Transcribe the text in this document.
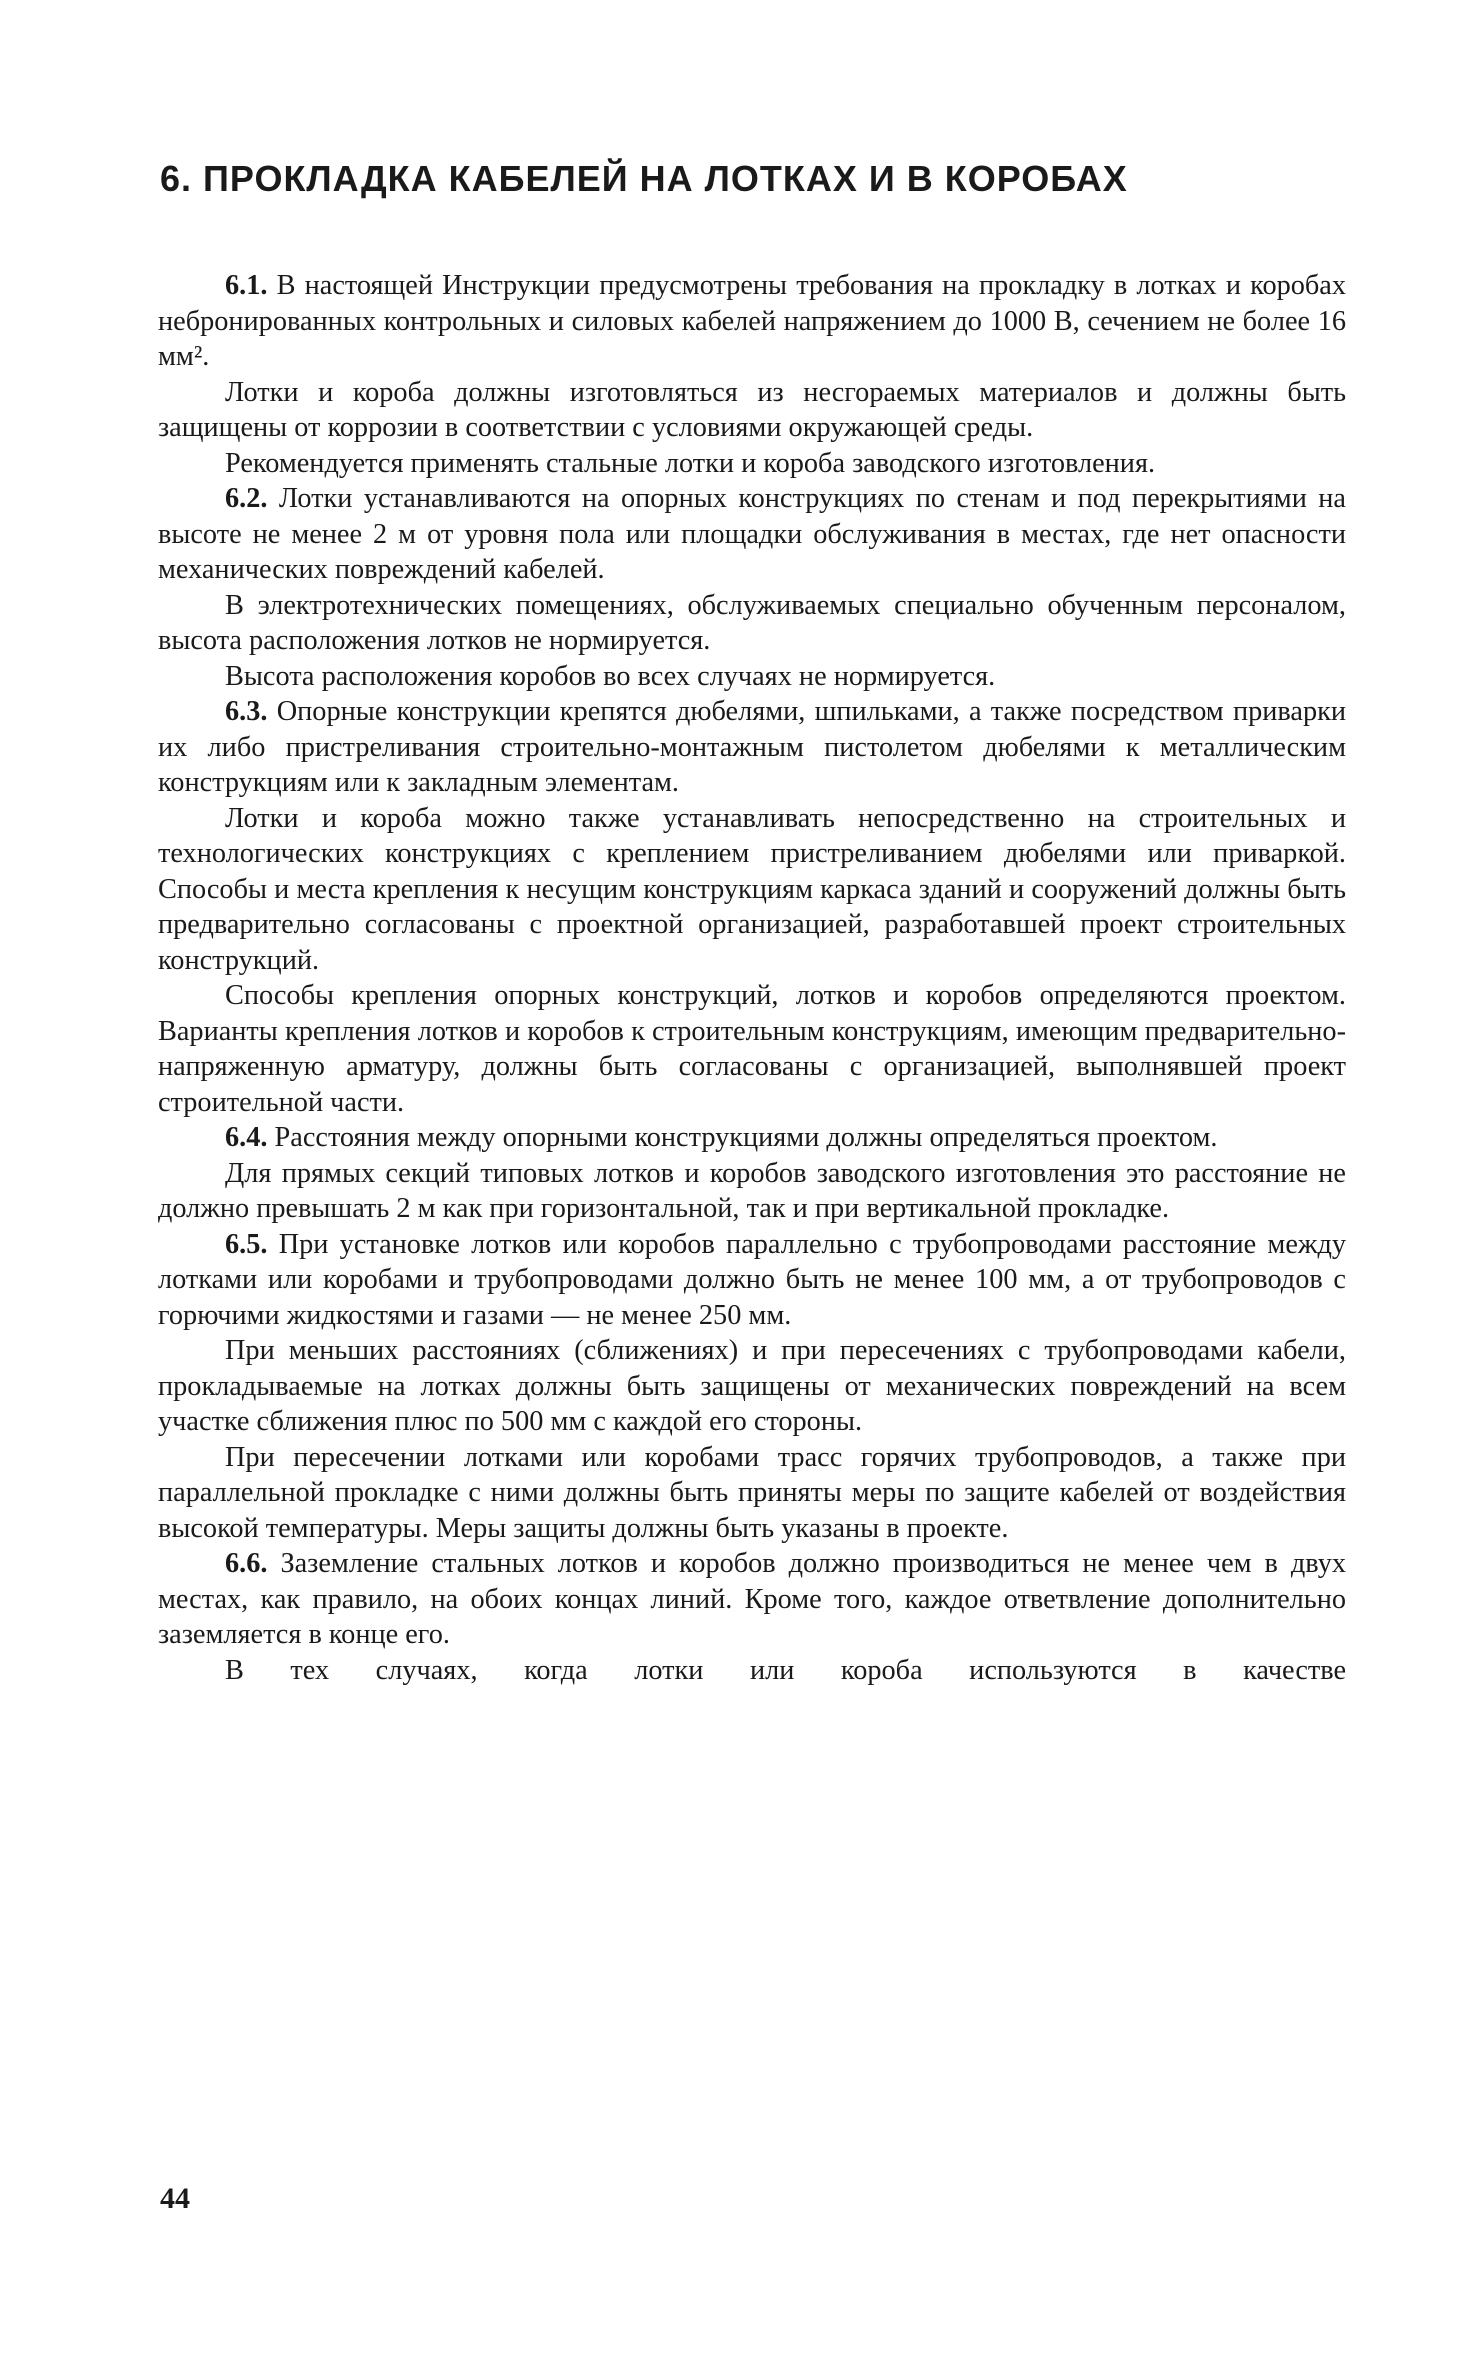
6. ПРОКЛАДКА КАБЕЛЕЙ НА ЛОТКАХ И В КОРОБАХ

6.1. В настоящей Инструкции предусмотрены требования на прокладку в лотках и коробах небронированных контрольных и силовых кабелей напряжением до 1000 В, сечением не более 16 мм².

Лотки и короба должны изготовляться из несгораемых материалов и должны быть защищены от коррозии в соответствии с условиями окружающей среды.

Рекомендуется применять стальные лотки и короба заводского изготовления.

6.2. Лотки устанавливаются на опорных конструкциях по стенам и под перекрытиями на высоте не менее 2 м от уровня пола или площадки обслуживания в местах, где нет опасности механических повреждений кабелей.

В электротехнических помещениях, обслуживаемых специально обученным персоналом, высота расположения лотков не нормируется.

Высота расположения коробов во всех случаях не нормируется.

6.3. Опорные конструкции крепятся дюбелями, шпильками, а также посредством приварки их либо пристреливания строительно-монтажным пистолетом дюбелями к металлическим конструкциям или к закладным элементам.

Лотки и короба можно также устанавливать непосредственно на строительных и технологических конструкциях с креплением пристреливанием дюбелями или приваркой. Способы и места крепления к несущим конструкциям каркаса зданий и сооружений должны быть предварительно согласованы с проектной организацией, разработавшей проект строительных конструкций.

Способы крепления опорных конструкций, лотков и коробов определяются проектом. Варианты крепления лотков и коробов к строительным конструкциям, имеющим предварительно-напряженную арматуру, должны быть согласованы с организацией, выполнявшей проект строительной части.

6.4. Расстояния между опорными конструкциями должны определяться проектом.

Для прямых секций типовых лотков и коробов заводского изготовления это расстояние не должно превышать 2 м как при горизонтальной, так и при вертикальной прокладке.

6.5. При установке лотков или коробов параллельно с трубопроводами расстояние между лотками или коробами и трубопроводами должно быть не менее 100 мм, а от трубопроводов с горючими жидкостями и газами — не менее 250 мм.

При меньших расстояниях (сближениях) и при пересечениях с трубопроводами кабели, прокладываемые на лотках должны быть защищены от механических повреждений на всем участке сближения плюс по 500 мм с каждой его стороны.

При пересечении лотками или коробами трасс горячих трубопроводов, а также при параллельной прокладке с ними должны быть приняты меры по защите кабелей от воздействия высокой температуры. Меры защиты должны быть указаны в проекте.

6.6. Заземление стальных лотков и коробов должно производиться не менее чем в двух местах, как правило, на обоих концах линий. Кроме того, каждое ответвление дополнительно заземляется в конце его.

В тех случаях, когда лотки или короба используются в качестве

44
